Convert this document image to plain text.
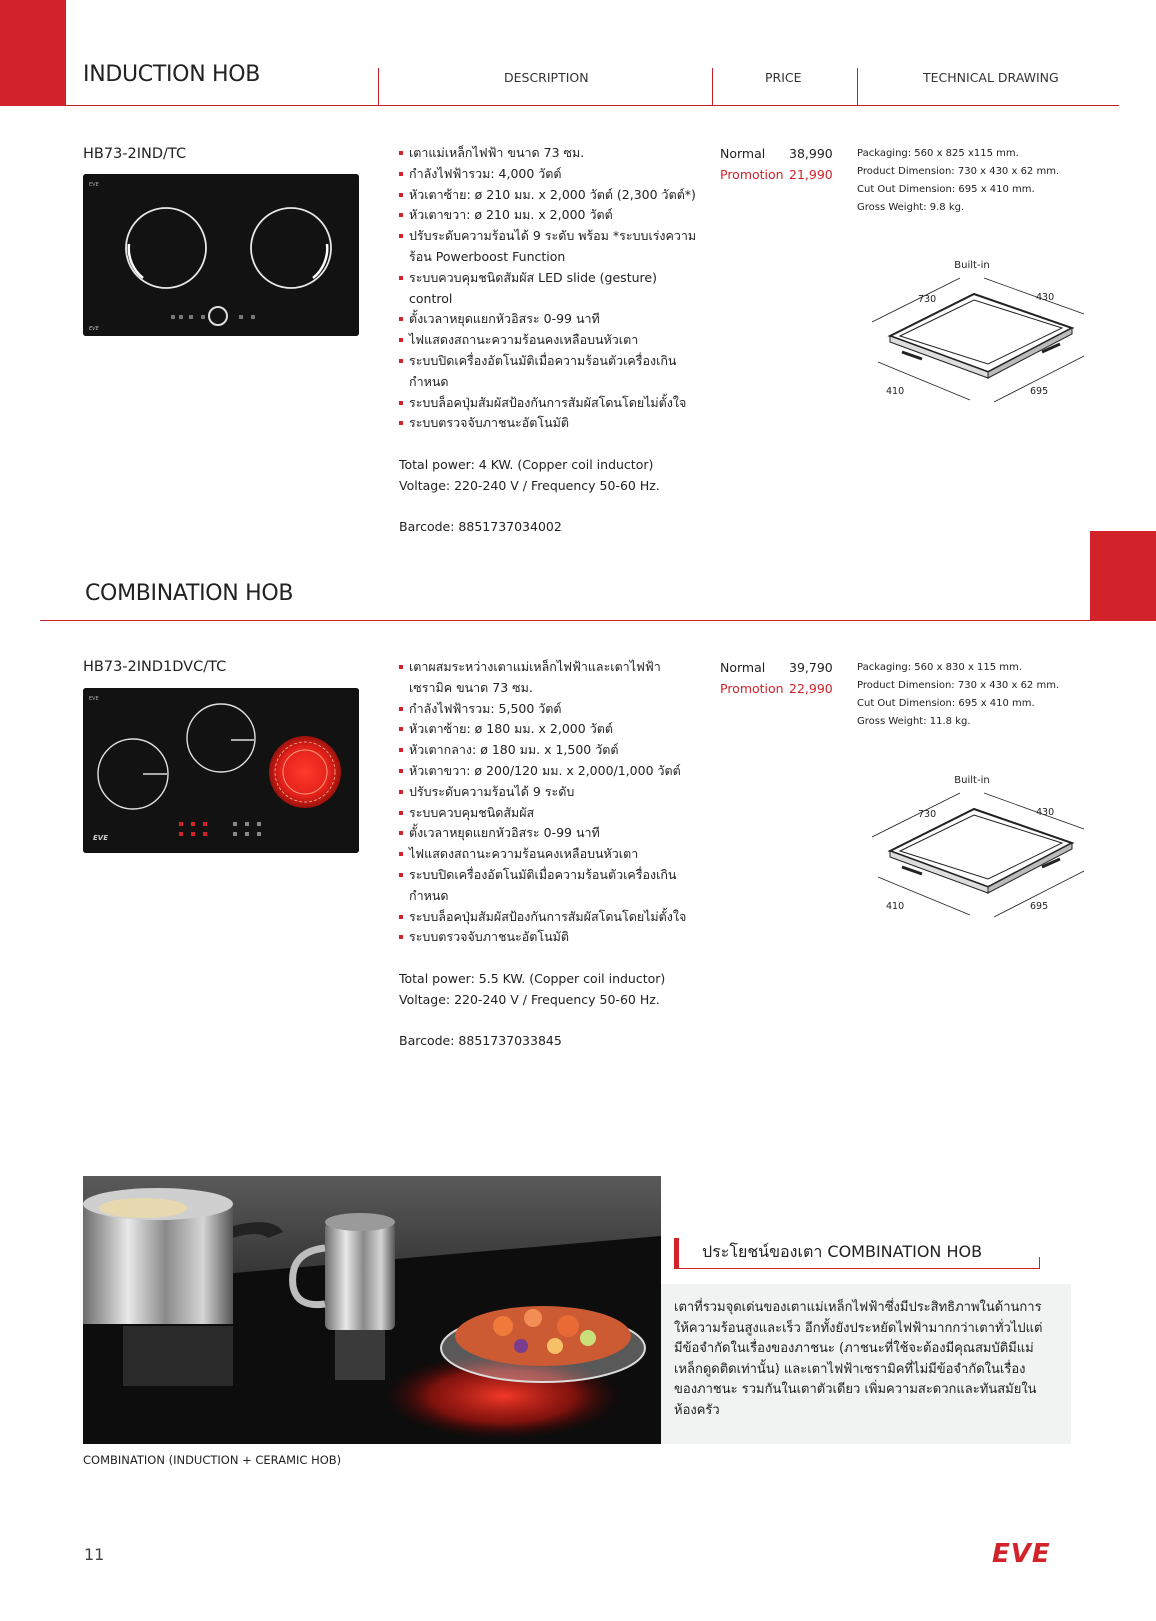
INDUCTION HOB	DESCRIPTION	PRICE	TECHNICAL DRAWING
HB73-2IND/TC
EVE
EVE
เตาแม่เหล็กไฟฟ้า ขนาด 73 ซม.
กำลังไฟฟ้ารวม: 4,000 วัตต์
หัวเตาซ้าย: ø 210 มม. x 2,000 วัตต์ (2,300 วัตต์*)
หัวเตาขวา: ø 210 มม. x 2,000 วัตต์
ปรับระดับความร้อนได้ 9 ระดับ พร้อม *ระบบเร่งความร้อน Powerboost Function
ระบบควบคุมชนิดสัมผัส LED slide (gesture) control
ตั้งเวลาหยุดแยกหัวอิสระ 0-99 นาที
ไฟแสดงสถานะความร้อนคงเหลือบนหัวเตา
ระบบปิดเครื่องอัตโนมัติเมื่อความร้อนตัวเครื่องเกินกำหนด
ระบบล็อคปุ่มสัมผัสป้องกันการสัมผัสโดนโดยไม่ตั้งใจ
ระบบตรวจจับภาชนะอัตโนมัติ
Total power: 4 KW. (Copper coil inductor)
Voltage: 220-240 V / Frequency 50-60 Hz.
Barcode: 8851737034002
Normal 38,990
Promotion 21,990
Packaging: 560 x 825 x115 mm.
Product Dimension: 730 x 430 x 62 mm.
Cut Out Dimension: 695 x 410 mm.
Gross Weight: 9.8 kg.
Built-in
730	430
410	695
COMBINATION HOB
HB73-2IND1DVC/TC
EVE
EVE
เตาผสมระหว่างเตาแม่เหล็กไฟฟ้าและเตาไฟฟ้าเซรามิค ขนาด 73 ซม.
กำลังไฟฟ้ารวม: 5,500 วัตต์
หัวเตาซ้าย: ø 180 มม. x 2,000 วัตต์
หัวเตากลาง: ø 180 มม. x 1,500 วัตต์
หัวเตาขวา: ø 200/120 มม. x 2,000/1,000 วัตต์
ปรับระดับความร้อนได้ 9 ระดับ
ระบบควบคุมชนิดสัมผัส
ตั้งเวลาหยุดแยกหัวอิสระ 0-99 นาที
ไฟแสดงสถานะความร้อนคงเหลือบนหัวเตา
ระบบปิดเครื่องอัตโนมัติเมื่อความร้อนตัวเครื่องเกินกำหนด
ระบบล็อคปุ่มสัมผัสป้องกันการสัมผัสโดนโดยไม่ตั้งใจ
ระบบตรวจจับภาชนะอัตโนมัติ
Total power: 5.5 KW. (Copper coil inductor)
Voltage: 220-240 V / Frequency 50-60 Hz.
Barcode: 8851737033845
Normal 39,790
Promotion 22,990
Packaging: 560 x 830 x 115 mm.
Product Dimension: 730 x 430 x 62 mm.
Cut Out Dimension: 695 x 410 mm.
Gross Weight: 11.8 kg.
Built-in
730	430
410	695
COMBINATION (INDUCTION + CERAMIC HOB)
ประโยชน์ของเตา COMBINATION HOB
เตาที่รวมจุดเด่นของเตาแม่เหล็กไฟฟ้าซึ่งมีประสิทธิภาพในด้านการให้ความร้อนสูงและเร็ว อีกทั้งยังประหยัดไฟฟ้ามากกว่าเตาทั่วไปแต่มีข้อจำกัดในเรื่องของภาชนะ (ภาชนะที่ใช้จะต้องมีคุณสมบัติมีแม่เหล็กดูดติดเท่านั้น) และเตาไฟฟ้าเซรามิคที่ไม่มีข้อจำกัดในเรื่องของภาชนะ รวมกันในเตาตัวเดียว เพิ่มความสะดวกและทันสมัยในห้องครัว
11	EVE
